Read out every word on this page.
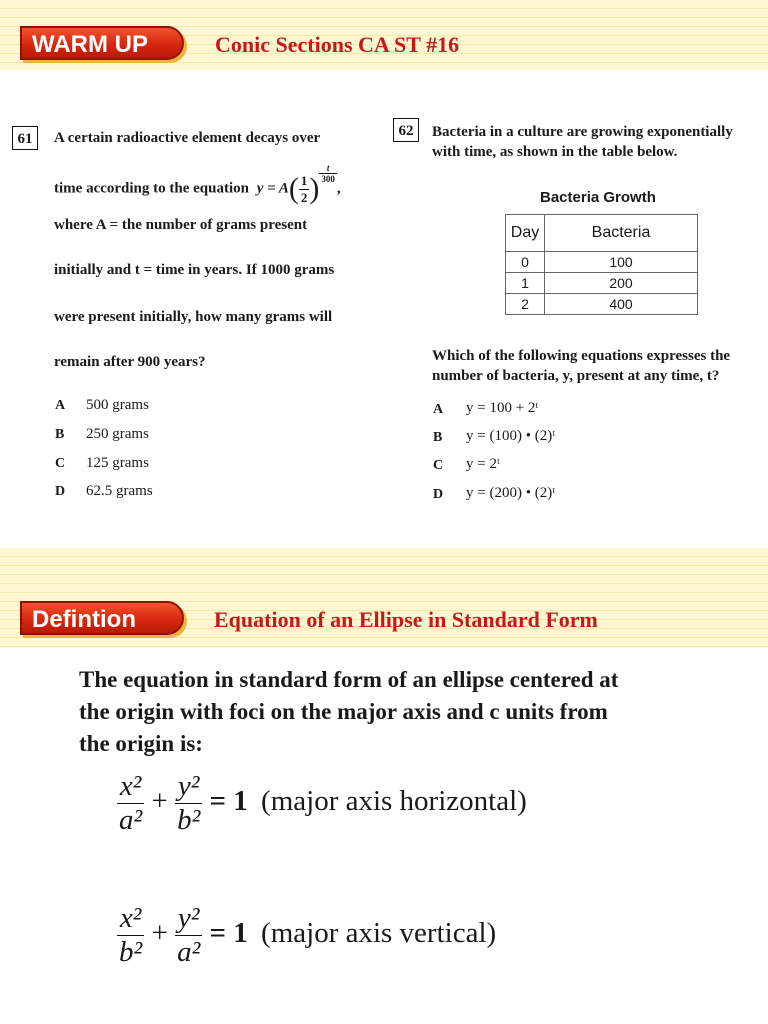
WARM UP	Conic Sections CA ST #16
61	A certain radioactive element decays over
time according to the equation $y = A( \frac{1}{2}$ ) $\frac{t}{300}$
,
where A = the number of grams present
initially and t = time in years. If 1000 grams
were present initially, how many grams will
remain after 900 years?
A 500 grams
B 250 grams
C 125 grams
D 62.5 grams
62	Bacteria in a culture are growing exponentially
with time, as shown in the table below.
Bacteria Growth
Day	Bacteria
0	100
1	200
2	400
Which of the following equations expresses the
number of bacteria, y, present at any time, t?
A y = 100 + 2ᵗ
B y = (100) • (2)ᵗ
C y = 2ᵗ
D y = (200) • (2)ᵗ
Defintion	Equation of an Ellipse in Standard Form
The equation in standard form of an ellipse centered at
the origin with foci on the major axis and c units from
the origin is:
$\frac{\text{x²}}{\text{a²}} + \frac{\text{y²}}{\text{b²}} = 1$ (major axis horizontal)
$\frac{\text{x²}}{\text{b²}} + \frac{\text{y²}}{\text{a²}} = 1$ (major axis vertical)
